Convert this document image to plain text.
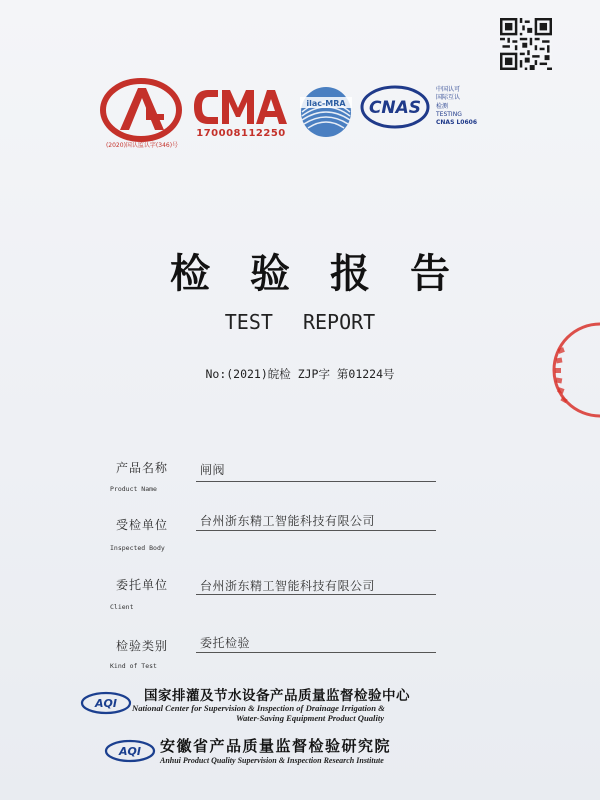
(2020)国认监认字(346)号
170008112250
ilac-MRA CNAS
中国认可
国际互认
检测
TESTING
CNAS L0606
检验报告
TEST REPORT
No:(2021)皖检 ZJP字 第01224号
产品名称
Product Name
闸阀
受检单位
Inspected Body
台州浙东精工智能科技有限公司
委托单位
Client
台州浙东精工智能科技有限公司
检验类别
Kind of Test
委托检验
AQI 国家排灌及节水设备产品质量监督检验中心
National Center for Supervision & Inspection of Drainage Irrigation &
Water-Saving Equipment Product Quality
AQI 安徽省产品质量监督检验研究院
Anhui Product Quality Supervision & Inspection Research Institute
